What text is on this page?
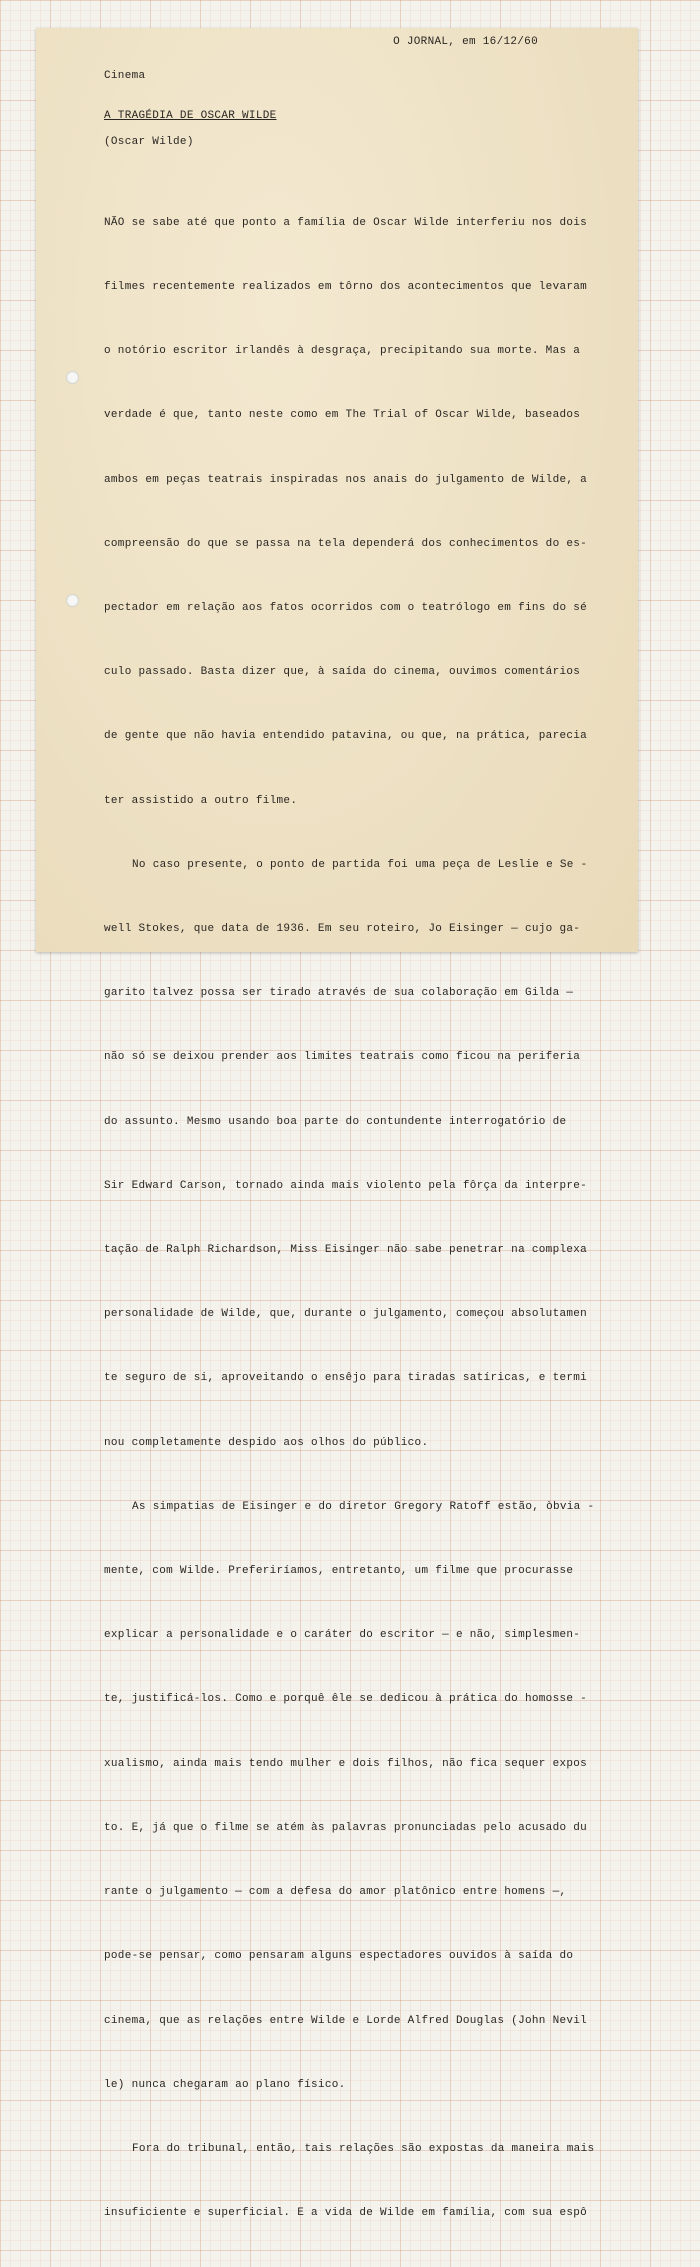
O JORNAL, em 16/12/60
Cinema
A TRAGÉDIA DE OSCAR WILDE
(Oscar Wilde)

NÃO se sabe até que ponto a família de Oscar Wilde interferiu nos dois

filmes recentemente realizados em tôrno dos acontecimentos que levaram

o notório escritor irlandês à desgraça, precipitando sua morte. Mas a

verdade é que, tanto neste como em The Trial of Oscar Wilde, baseados

ambos em peças teatrais inspiradas nos anais do julgamento de Wilde, a

compreensão do que se passa na tela dependerá dos conhecimentos do es-

pectador em relação aos fatos ocorridos com o teatrólogo em fins do sé

culo passado. Basta dizer que, à saída do cinema, ouvimos comentários

de gente que não havia entendido patavina, ou que, na prática, parecia

ter assistido a outro filme.

No caso presente, o ponto de partida foi uma peça de Leslie e Se -

well Stokes, que data de 1936. Em seu roteiro, Jo Eisinger — cujo ga-

garito talvez possa ser tirado através de sua colaboração em Gilda —

não só se deixou prender aos limites teatrais como ficou na periferia

do assunto. Mesmo usando boa parte do contundente interrogatório de

Sir Edward Carson, tornado ainda mais violento pela fôrça da interpre-

tação de Ralph Richardson, Miss Eisinger não sabe penetrar na complexa

personalidade de Wilde, que, durante o julgamento, começou absolutamen

te seguro de si, aproveitando o ensêjo para tiradas satíricas, e termi

nou completamente despido aos olhos do público.

As simpatias de Eisinger e do diretor Gregory Ratoff estão, òbvia -

mente, com Wilde. Preferiríamos, entretanto, um filme que procurasse

explicar a personalidade e o caráter do escritor — e não, simplesmen-

te, justificá-los. Como e porquê êle se dedicou à prática do homosse -

xualismo, ainda mais tendo mulher e dois filhos, não fica sequer expos

to. E, já que o filme se atém às palavras pronunciadas pelo acusado du

rante o julgamento — com a defesa do amor platônico entre homens —,

pode-se pensar, como pensaram alguns espectadores ouvidos à saída do

cinema, que as relações entre Wilde e Lorde Alfred Douglas (John Nevil

le) nunca chegaram ao plano físico.

Fora do tribunal, então, tais relações são expostas da maneira mais

insuficiente e superficial. E a vida de Wilde em família, com sua espô
